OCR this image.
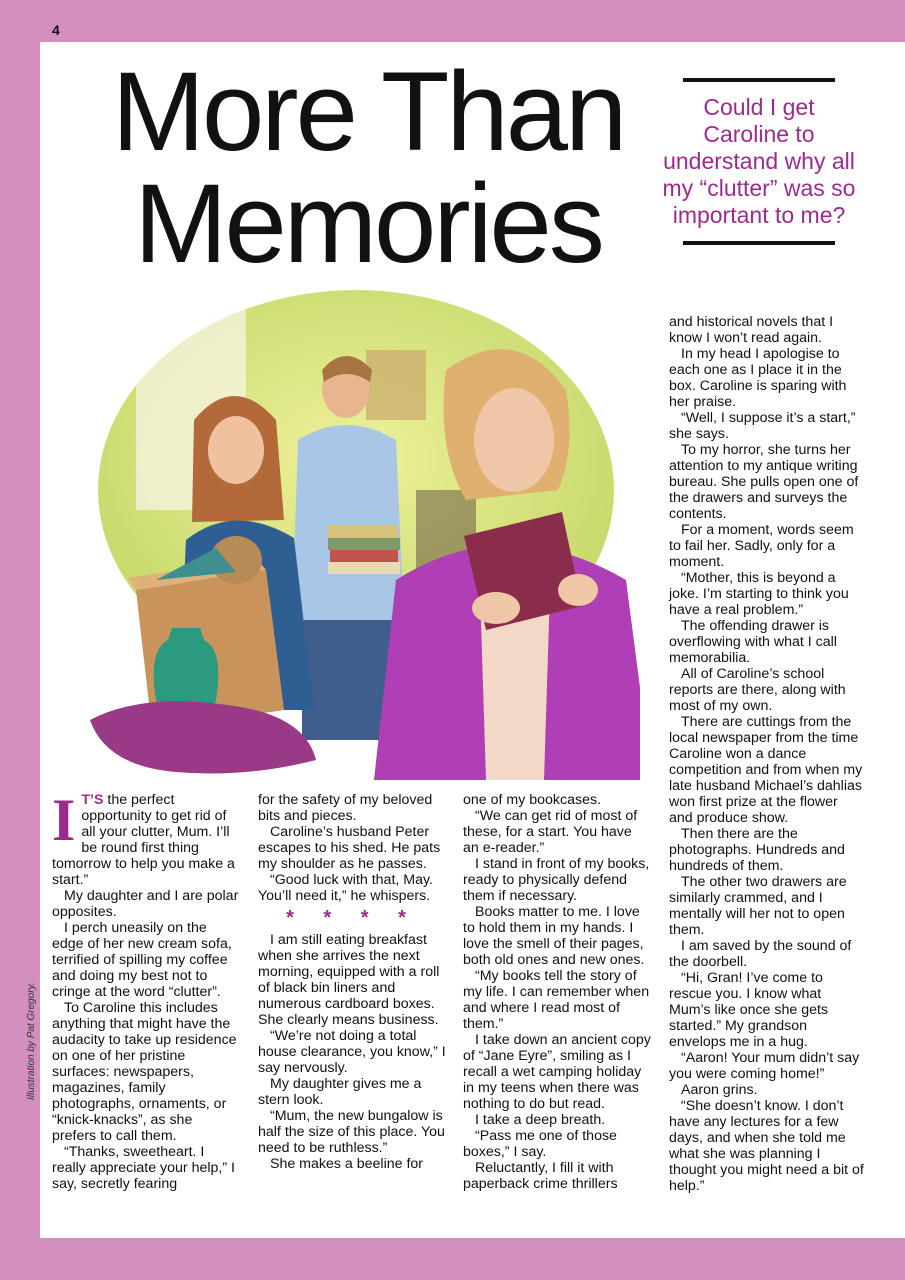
4
Illustration by Pat Gregory.
More Than
Memories

Could I get Caroline to understand why all my “clutter” was so important to me?

I T’S the perfect opportunity to get rid of all your clutter, Mum. I’ll be round first thing tomorrow to help you make a start.”

My daughter and I are polar opposites.

I perch uneasily on the edge of her new cream sofa, terrified of spilling my coffee and doing my best not to cringe at the word “clutter”.

To Caroline this includes anything that might have the audacity to take up residence on one of her pristine surfaces: newspapers, magazines, family photographs, ornaments, or “knick-knacks”, as she prefers to call them.

“Thanks, sweetheart. I really appreciate your help,” I say, secretly fearing

for the safety of my beloved bits and pieces.

Caroline’s husband Peter escapes to his shed. He pats my shoulder as he passes.

“Good luck with that, May. You’ll need it,” he whispers.

* * * *

I am still eating breakfast when she arrives the next morning, equipped with a roll of black bin liners and numerous cardboard boxes. She clearly means business.

“We’re not doing a total house clearance, you know,” I say nervously.

My daughter gives me a stern look.

“Mum, the new bungalow is half the size of this place. You need to be ruthless.”

She makes a beeline for

one of my bookcases.

“We can get rid of most of these, for a start. You have an e-reader.”

I stand in front of my books, ready to physically defend them if necessary.

Books matter to me. I love to hold them in my hands. I love the smell of their pages, both old ones and new ones.

“My books tell the story of my life. I can remember when and where I read most of them.”

I take down an ancient copy of “Jane Eyre”, smiling as I recall a wet camping holiday in my teens when there was nothing to do but read.

I take a deep breath.

“Pass me one of those boxes,” I say.

Reluctantly, I fill it with paperback crime thrillers

and historical novels that I know I won’t read again.

In my head I apologise to each one as I place it in the box. Caroline is sparing with her praise.

“Well, I suppose it’s a start,” she says.

To my horror, she turns her attention to my antique writing bureau. She pulls open one of the drawers and surveys the contents.

For a moment, words seem to fail her. Sadly, only for a moment.

“Mother, this is beyond a joke. I’m starting to think you have a real problem.”

The offending drawer is overflowing with what I call memorabilia.

All of Caroline’s school reports are there, along with most of my own.

There are cuttings from the local newspaper from the time Caroline won a dance competition and from when my late husband Michael’s dahlias won first prize at the flower and produce show.

Then there are the photographs. Hundreds and hundreds of them.

The other two drawers are similarly crammed, and I mentally will her not to open them.

I am saved by the sound of the doorbell.

“Hi, Gran! I’ve come to rescue you. I know what Mum’s like once she gets started.” My grandson envelops me in a hug.

“Aaron! Your mum didn’t say you were coming home!”

Aaron grins.

“She doesn’t know. I don’t have any lectures for a few days, and when she told me what she was planning I thought you might need a bit of help.”
